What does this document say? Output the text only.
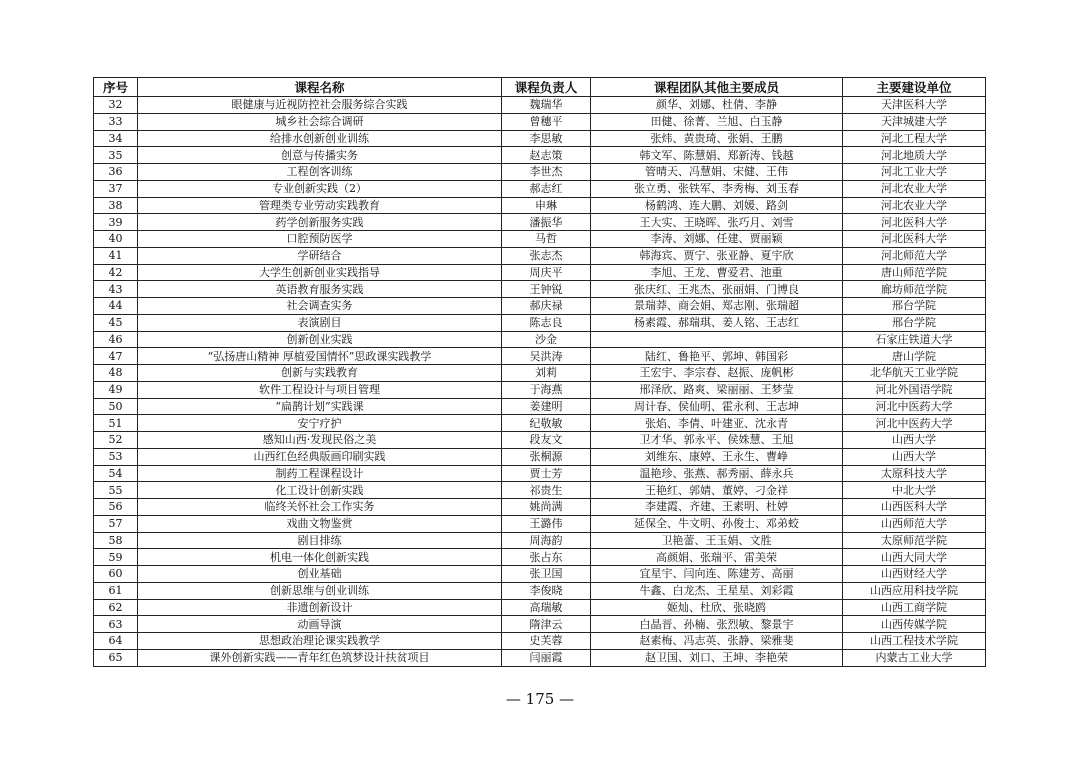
序号	课程名称	课程负责人	课程团队其他主要成员	主要建设单位
32	眼健康与近视防控社会服务综合实践	魏瑞华	颜华、刘娜、杜倩、李静	天津医科大学
33	城乡社会综合调研	曾穗平	田健、徐菁、兰旭、白玉静	天津城建大学
34	给排水创新创业训练	李思敏	张炜、黄贵琦、张娟、王鹏	河北工程大学
35	创意与传播实务	赵志策	韩文军、陈慧娟、郑新涛、钱越	河北地质大学
36	工程创客训练	李世杰	管晴天、冯慧娟、宋健、王伟	河北工业大学
37	专业创新实践（2）	郝志红	张立勇、张铁军、李秀梅、刘玉春	河北农业大学
38	管理类专业劳动实践教育	申琳	杨鹤鸿、连大鹏、刘媛、路剑	河北农业大学
39	药学创新服务实践	潘振华	王大实、王晓晖、张巧月、刘雪	河北医科大学
40	口腔预防医学	马哲	李涛、刘娜、任建、贾丽颖	河北医科大学
41	学研结合	张志杰	韩海宾、贾宁、张亚静、夏宇欣	河北师范大学
42	大学生创新创业实践指导	周庆平	李旭、王龙、曹爱君、池重	唐山师范学院
43	英语教育服务实践	王钟锐	张庆红、王兆杰、张丽娟、门博良	廊坊师范学院
44	社会调查实务	郝庆禄	景瑞莽、商会娟、郑志刚、张瑞超	邢台学院
45	表演剧目	陈志良	杨素霞、郝瑞琪、姜人铭、王志红	邢台学院
46	创新创业实践	沙金		石家庄铁道大学
47	“弘扬唐山精神 厚植爱国情怀”思政课实践教学	吴洪涛	陆红、鲁艳平、郭坤、韩国彩	唐山学院
48	创新与实践教育	刘莉	王宏宇、李宗春、赵振、庞帆彬	北华航天工业学院
49	软件工程设计与项目管理	于海燕	邢泽欣、路爽、梁丽丽、王梦莹	河北外国语学院
50	“扁鹊计划”实践课	姜建明	周计春、侯仙明、霍永利、王志坤	河北中医药大学
51	安宁疗护	纪敬敏	张焰、李倩、叶建亚、沈永青	河北中医药大学
52	感知山西·发现民俗之美	段友文	卫才华、郭永平、侯姝慧、王旭	山西大学
53	山西红色经典版画印刷实践	张桐源	刘维东、康婷、王永生、曹峥	山西大学
54	制药工程课程设计	贾士芳	温艳珍、张燕、郝秀丽、薛永兵	太原科技大学
55	化工设计创新实践	祁贵生	王艳红、郭婧、董婷、刁金祥	中北大学
56	临终关怀社会工作实务	姚尚满	李建霞、齐建、王素明、杜婷	山西医科大学
57	戏曲文物鉴赏	王潞伟	延保全、牛文明、孙俊士、邓弟蛟	山西师范大学
58	剧目排练	周海韵	卫艳蕾、王玉娟、文胜	太原师范学院
59	机电一体化创新实践	张占东	高颜娟、张瑞平、雷美荣	山西大同大学
60	创业基础	张卫国	宜星宇、闫向连、陈建芳、高丽	山西财经大学
61	创新思维与创业训练	李俊晓	牛鑫、白龙杰、王星星、刘彩霞	山西应用科技学院
62	非遗创新设计	高瑞敏	姬灿、杜欣、张晓鸥	山西工商学院
63	动画导演	隋津云	白晶晋、孙楠、张烈敏、黎景宇	山西传媒学院
64	思想政治理论课实践教学	史芙蓉	赵素梅、冯志英、张静、梁雅斐	山西工程技术学院
65	课外创新实践——青年红色筑梦设计扶贫项目	闫丽霞	赵卫国、刘口、王坤、李艳荣	内蒙古工业大学
— 175 —
